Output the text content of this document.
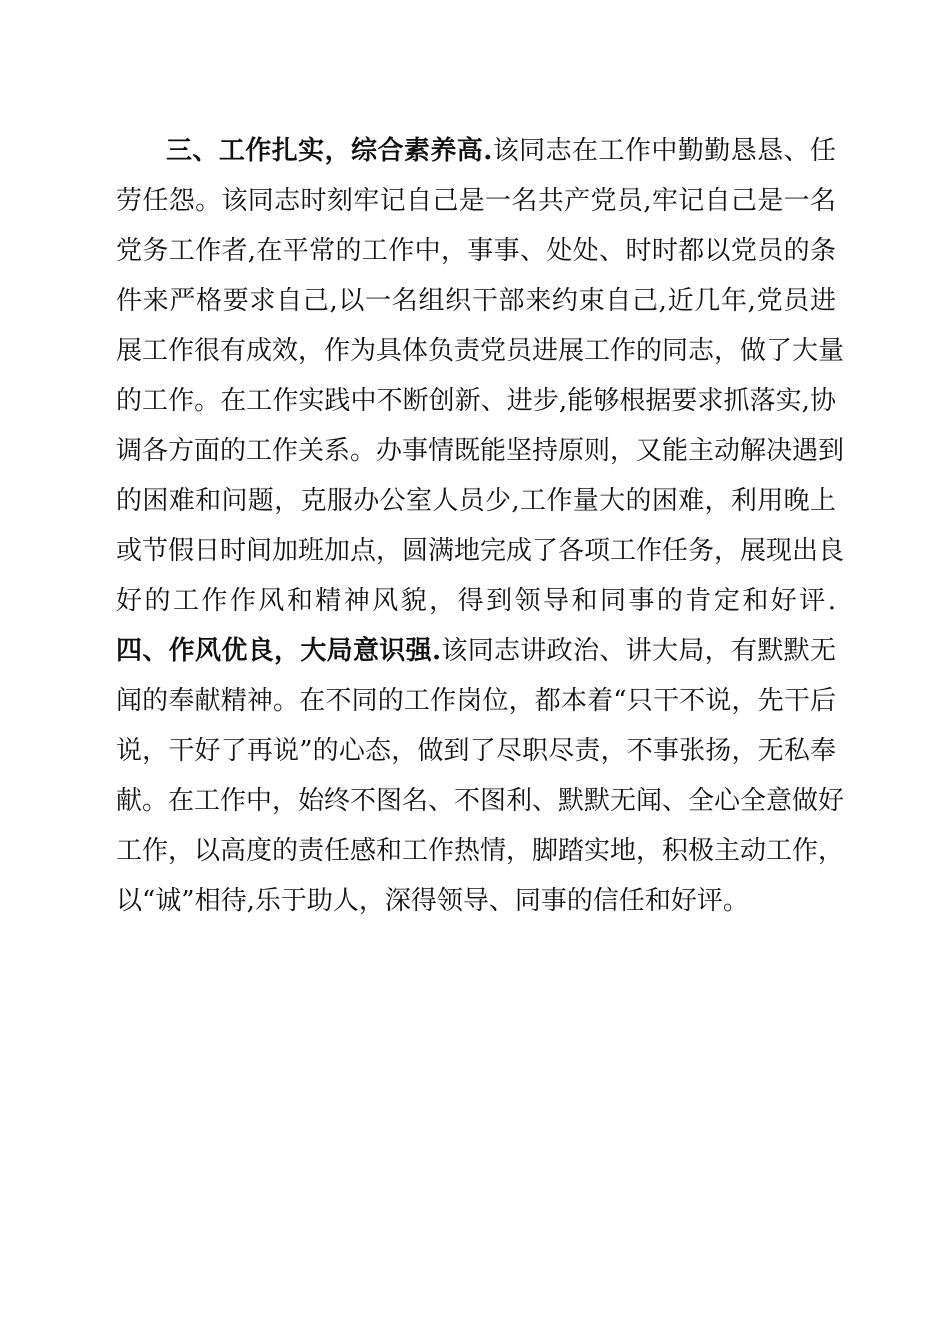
三、工作扎实，综合素养高.该同志在工作中勤勤恳恳、任
劳任怨。该同志时刻牢记自己是一名共产党员,牢记自己是一名
党务工作者,在平常的工作中，事事、处处、时时都以党员的条
件来严格要求自己,以一名组织干部来约束自己,近几年,党员进
展工作很有成效，作为具体负责党员进展工作的同志，做了大量
的工作。在工作实践中不断创新、进步,能够根据要求抓落实,协
调各方面的工作关系。办事情既能坚持原则，又能主动解决遇到
的困难和问题，克服办公室人员少,工作量大的困难，利用晚上
或节假日时间加班加点，圆满地完成了各项工作任务，展现出良
好的工作作风和精神风貌，得到领导和同事的肯定和好评.
四、作风优良，大局意识强.该同志讲政治、讲大局，有默默无
闻的奉献精神。在不同的工作岗位，都本着“只干不说，先干后
说，干好了再说”的心态，做到了尽职尽责，不事张扬，无私奉
献。在工作中，始终不图名、不图利、默默无闻、全心全意做好
工作，以高度的责任感和工作热情，脚踏实地，积极主动工作，
以“诚”相待,乐于助人，深得领导、同事的信任和好评。
